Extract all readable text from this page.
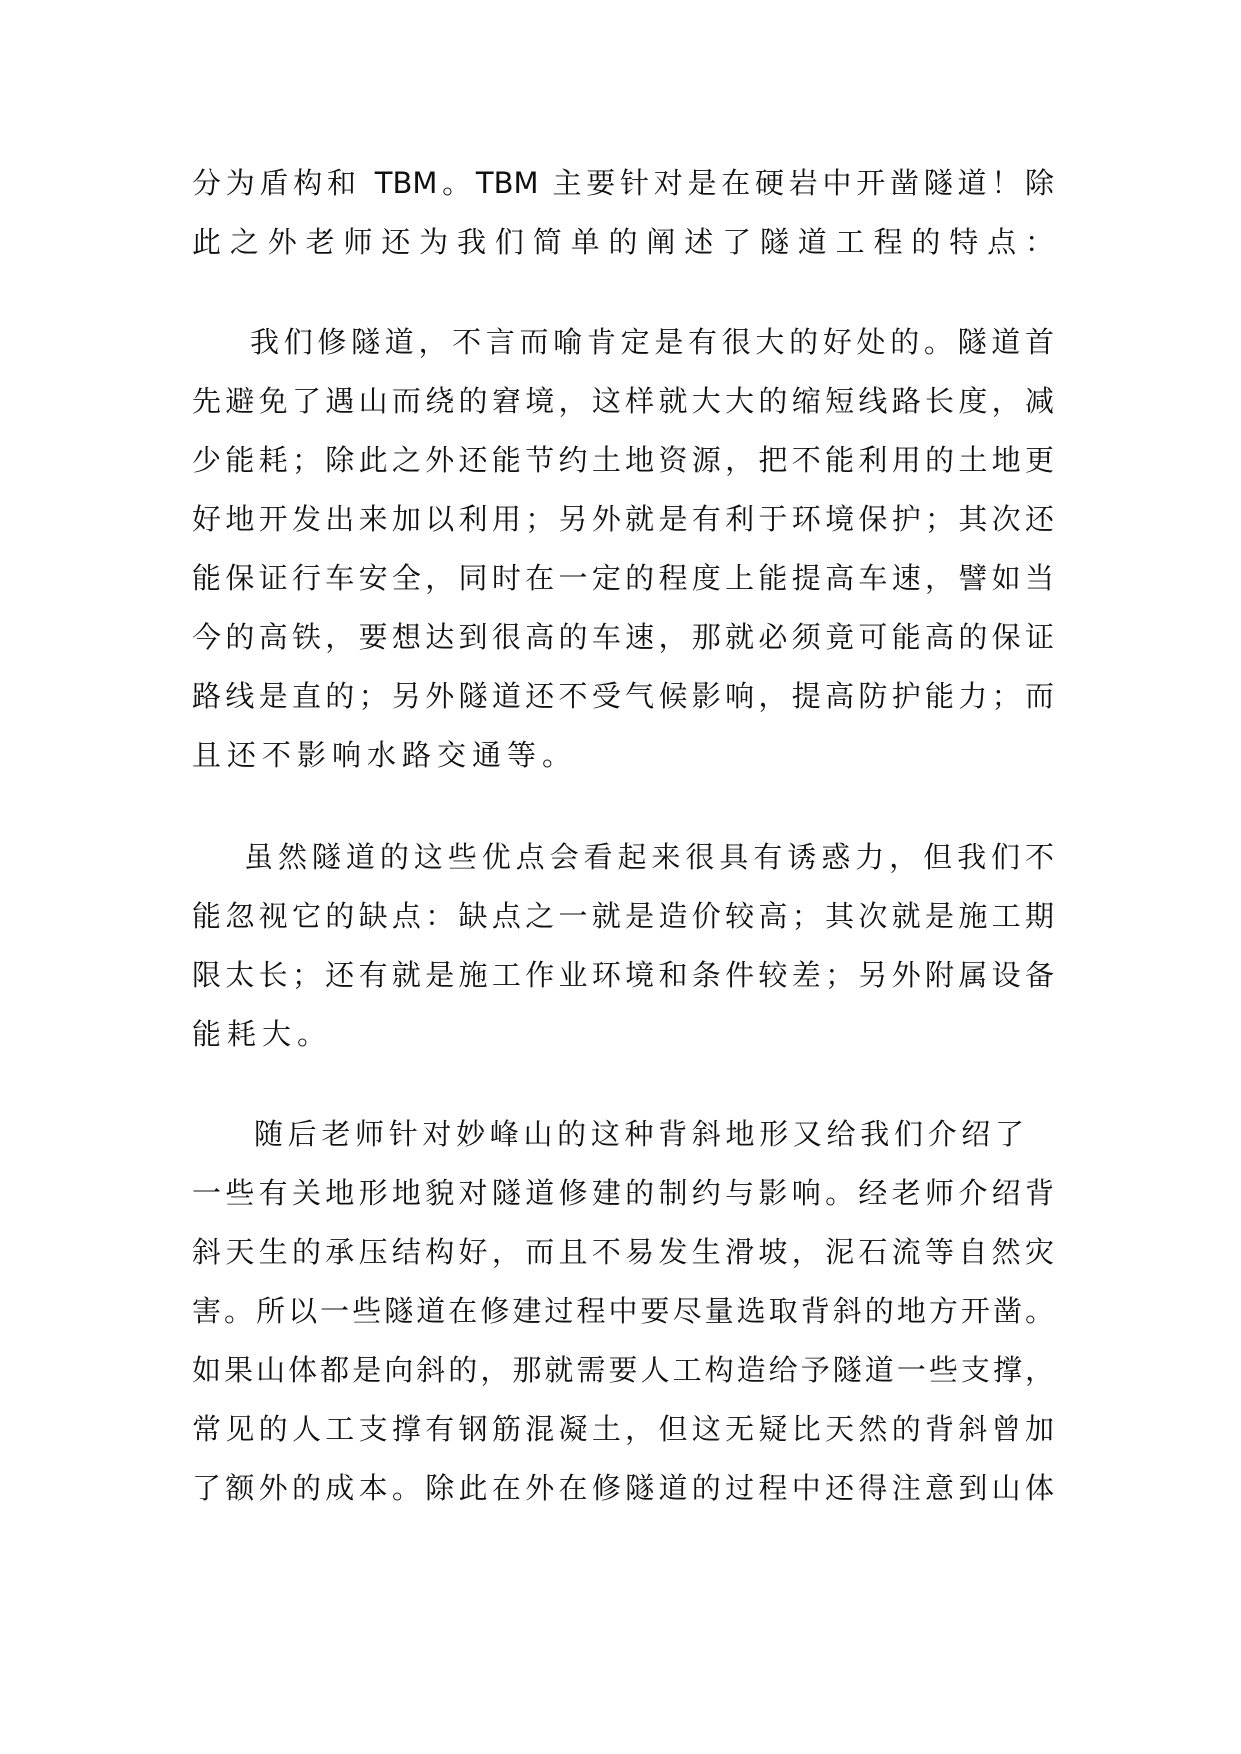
分为盾构和 TBM。TBM 主要针对是在硬岩中开凿隧道！除
此之外老师还为我们简单的阐述了隧道工程的特点：
我们修隧道，不言而喻肯定是有很大的好处的。隧道首
先避免了遇山而绕的窘境，这样就大大的缩短线路长度，减
少能耗；除此之外还能节约土地资源，把不能利用的土地更
好地开发出来加以利用；另外就是有利于环境保护；其次还
能保证行车安全，同时在一定的程度上能提高车速，譬如当
今的高铁，要想达到很高的车速，那就必须竟可能高的保证
路线是直的；另外隧道还不受气候影响，提高防护能力；而
且还不影响水路交通等。
虽然隧道的这些优点会看起来很具有诱惑力，但我们不
能忽视它的缺点：缺点之一就是造价较高；其次就是施工期
限太长；还有就是施工作业环境和条件较差；另外附属设备
能耗大。
随后老师针对妙峰山的这种背斜地形又给我们介绍了
一些有关地形地貌对隧道修建的制约与影响。经老师介绍背
斜天生的承压结构好，而且不易发生滑坡，泥石流等自然灾
害。所以一些隧道在修建过程中要尽量选取背斜的地方开凿。
如果山体都是向斜的，那就需要人工构造给予隧道一些支撑，
常见的人工支撑有钢筋混凝土，但这无疑比天然的背斜曾加
了额外的成本。除此在外在修隧道的过程中还得注意到山体
